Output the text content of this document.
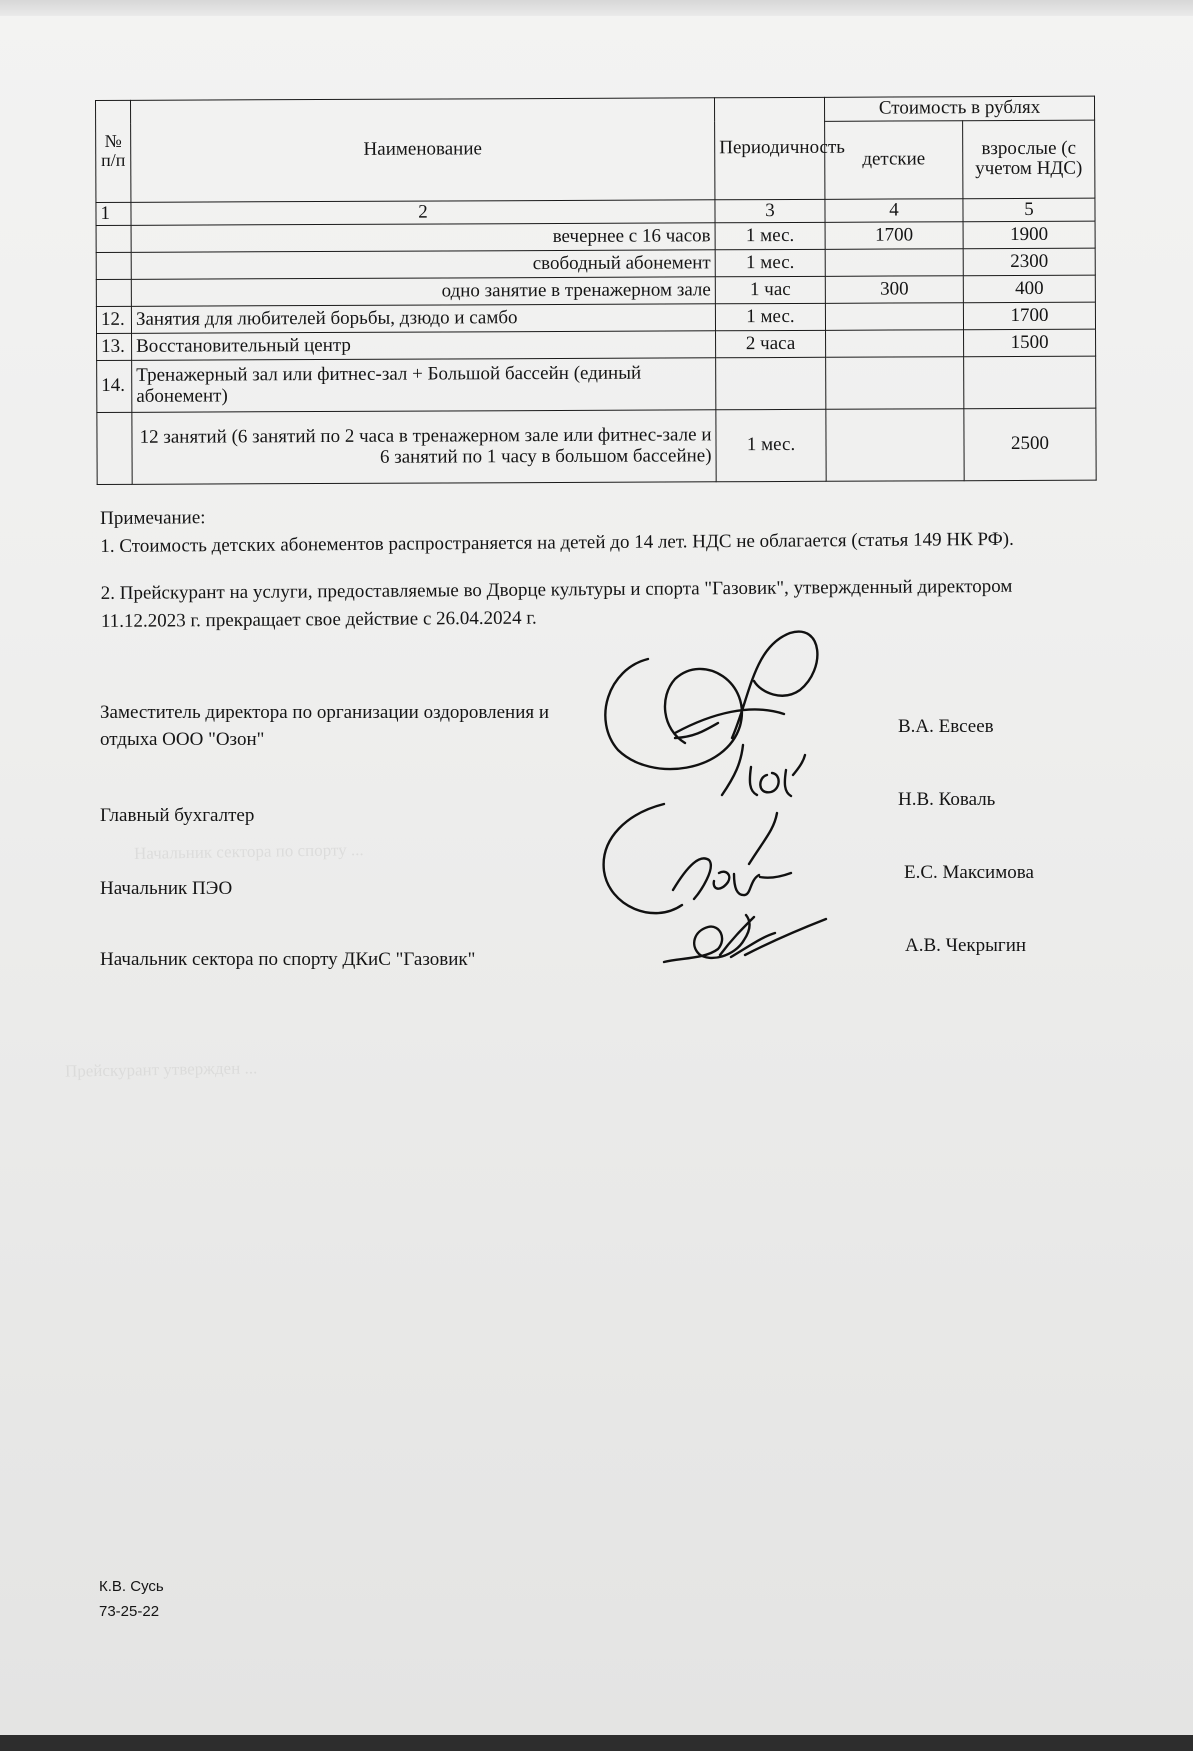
№ п/п	Наименование	Периодичность	Стоимость в рублях	
			детские	взрослые (с учетом НДС)
1	2	3	4	5
	вечернее с 16 часов	1 мес.	1700	1900
	свободный абонемент	1 мес.		2300
	одно занятие в тренажерном зале	1 час	300	400
12.	Занятия для любителей борьбы, дзюдо и самбо	1 мес.		1700
13.	Восстановительный центр	2 часа		1500
14.	Тренажерный зал или фитнес-зал + Большой бассейн (единый абонемент)			
	12 занятий (6 занятий по 2 часа в тренажерном зале или фитнес-зале и 6 занятий по 1 часу в большом бассейне)	1 мес.		2500

Примечание:

1. Стоимость детских абонементов распространяется на детей до 14 лет. НДС не облагается (статья 149 НК РФ).

2. Прейскурант на услуги, предоставляемые во Дворце культуры и спорта "Газовик", утвержденный директором 11.12.2023 г. прекращает свое действие с 26.04.2024 г.

Заместитель директора по организации оздоровления и отдыха ООО "Озон"
В.А. Евсеев
Главный бухгалтер
Н.В. Коваль
Начальник ПЭО
Е.С. Максимова
Начальник сектора по спорту ДКиС "Газовик"
А.В. Чекрыгин
Начальник сектора по спорту ...
Прейскурант утвержден ...
К.В. Сусь
73-25-22
